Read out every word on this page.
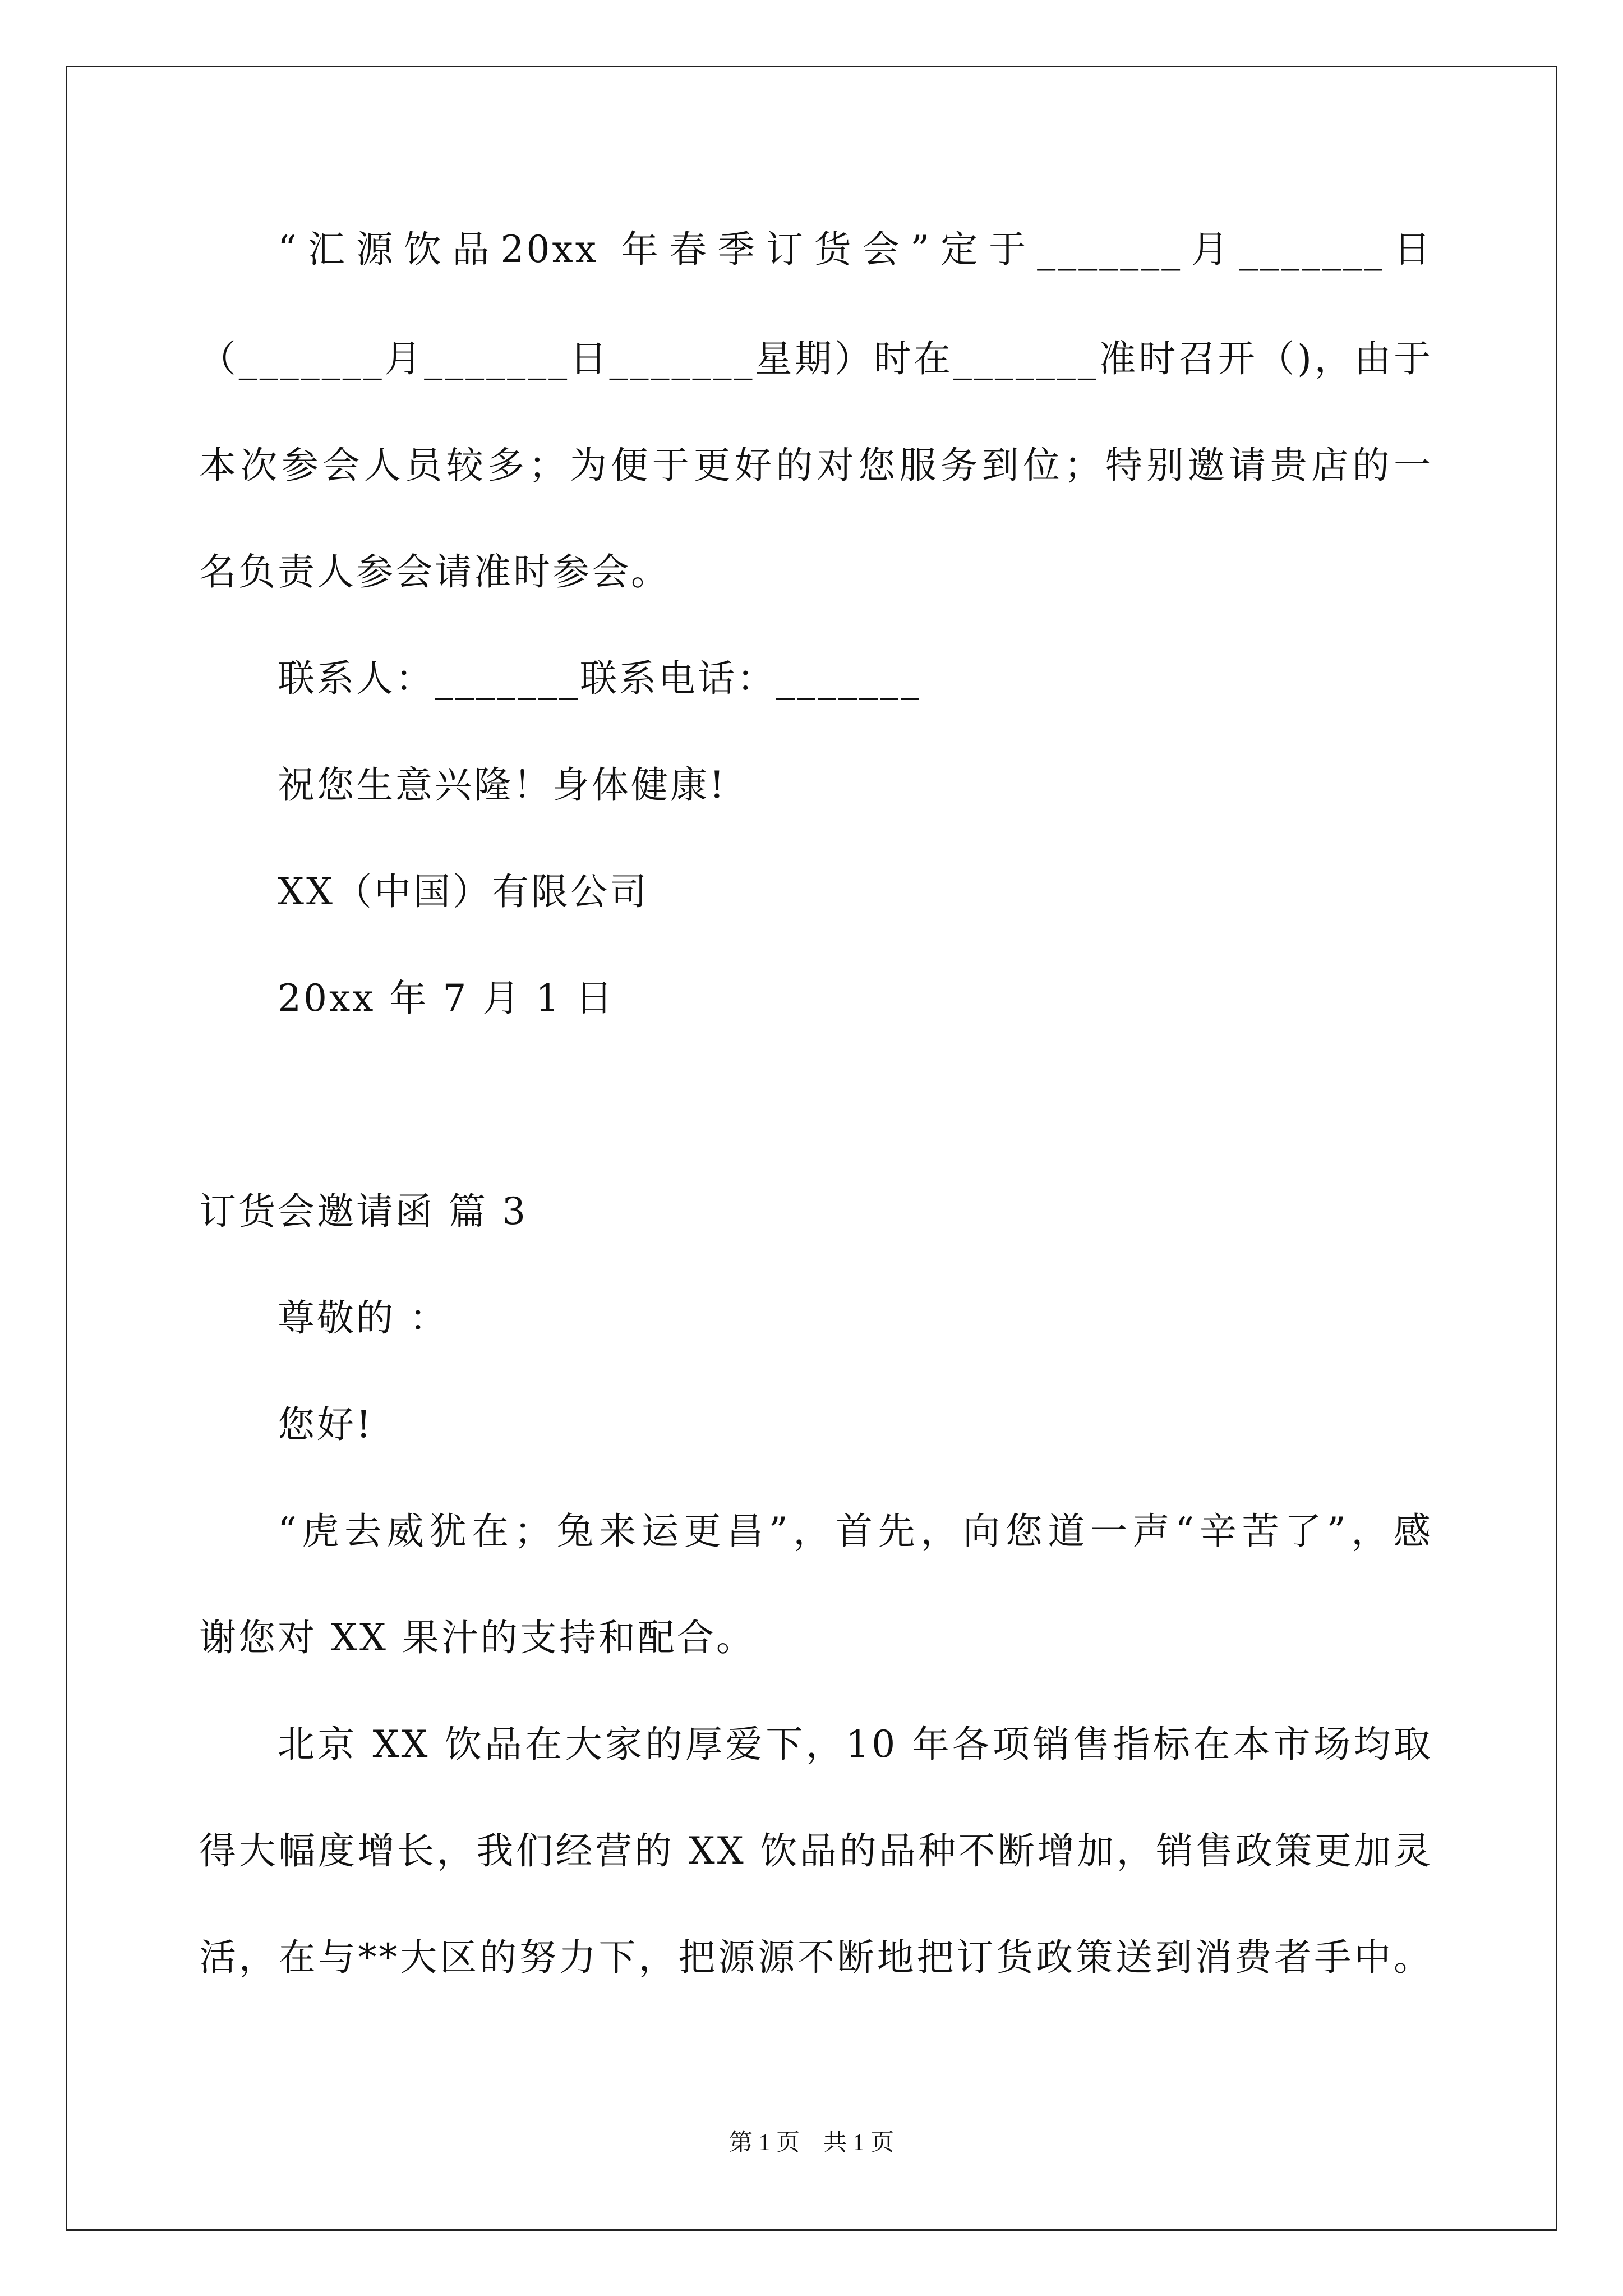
“汇源饮品20xx 年春季订货会”定于_______月_______日
（_______月_______日_______星期）时在_______准时召开（)，由于
本次参会人员较多；为便于更好的对您服务到位；特别邀请贵店的一
名负责人参会请准时参会。
联系人：_______联系电话：_______
祝您生意兴隆！身体健康!
XX（中国）有限公司
20xx 年 7 月 1 日
订货会邀请函 篇 3
尊敬的 ：
您好!
“虎去威犹在；兔来运更昌”，首先，向您道一声“辛苦了”，感
谢您对 XX 果汁的支持和配合。
北京 XX 饮品在大家的厚爱下，10 年各项销售指标在本市场均取
得大幅度增长，我们经营的 XX 饮品的品种不断增加，销售政策更加灵
活，在与**大区的努力下，把源源不断地把订货政策送到消费者手中。
第 1 页　共 1 页
